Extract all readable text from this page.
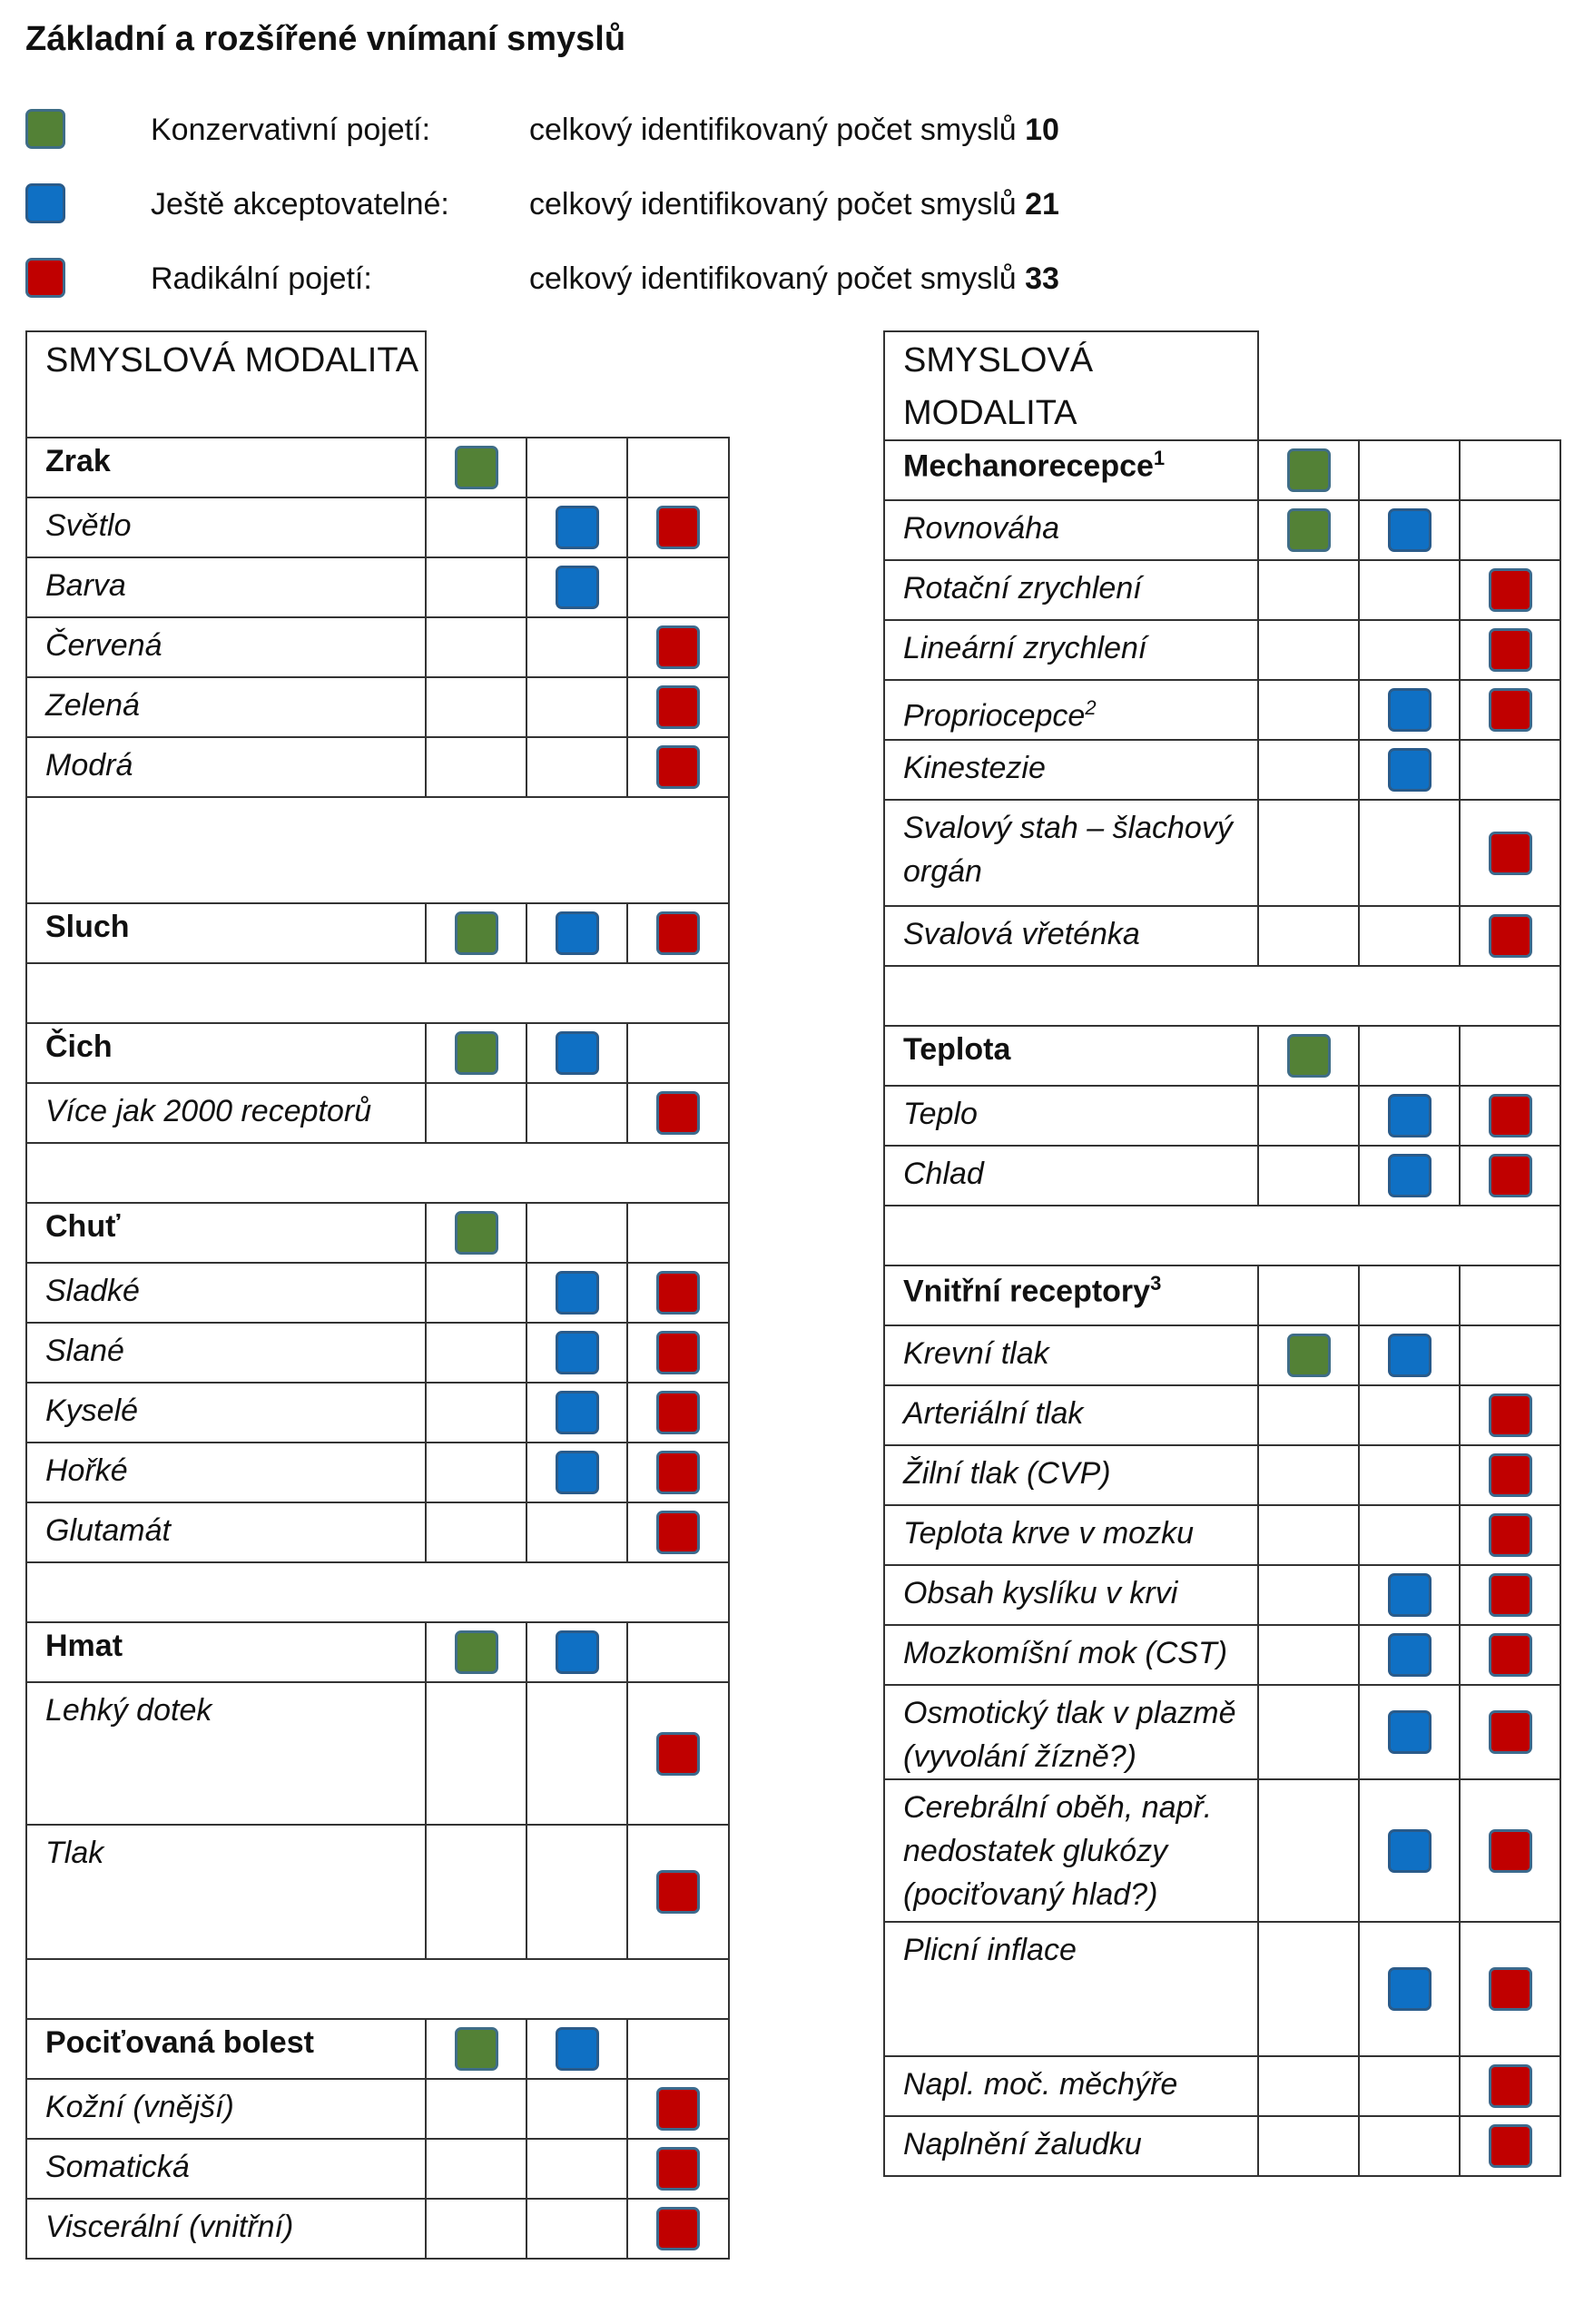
Základní a rozšířené vnímaní smyslů
Konzervativní pojetí:	celkový identifikovaný počet smyslů 10
Ještě akceptovatelné:	celkový identifikovaný počet smyslů 21
Radikální pojetí:	celkový identifikovaný počet smyslů 33
SMYSLOVÁ MODALITA			
Zrak			
Světlo			
Barva			
Červená			
Zelená			
Modrá			

Sluch			

Čich			
Více jak 2000 receptorů			

Chuť			
Sladké			
Slané			
Kyselé			
Hořké			
Glutamát			

Hmat			
Lehký dotek			
Tlak			

Pociťovaná bolest			
Kožní (vnější)			
Somatická			
Viscerální (vnitřní)			
SMYSLOVÁ MODALITA			
Mechanorecepce$^1$			
Rovnováha			
Rotační zrychlení			
Lineární zrychlení			
Propriocepce$^2$			
Kinestezie			
Svalový stah – šlachový orgán			
Svalová vřeténka			

Teplota			
Teplo			
Chlad			

Vnitřní receptory$^3$			
Krevní tlak			
Arteriální tlak			
Žilní tlak (CVP)			
Teplota krve v mozku			
Obsah kyslíku v krvi			
Mozkomíšní mok (CST)			
Osmotický tlak v plazmě (vyvolání žízně?)			
Cerebrální oběh, např. nedostatek glukózy (pociťovaný hlad?)			
Plicní inflace			
Napl. moč. měchýře			
Naplnění žaludku			
